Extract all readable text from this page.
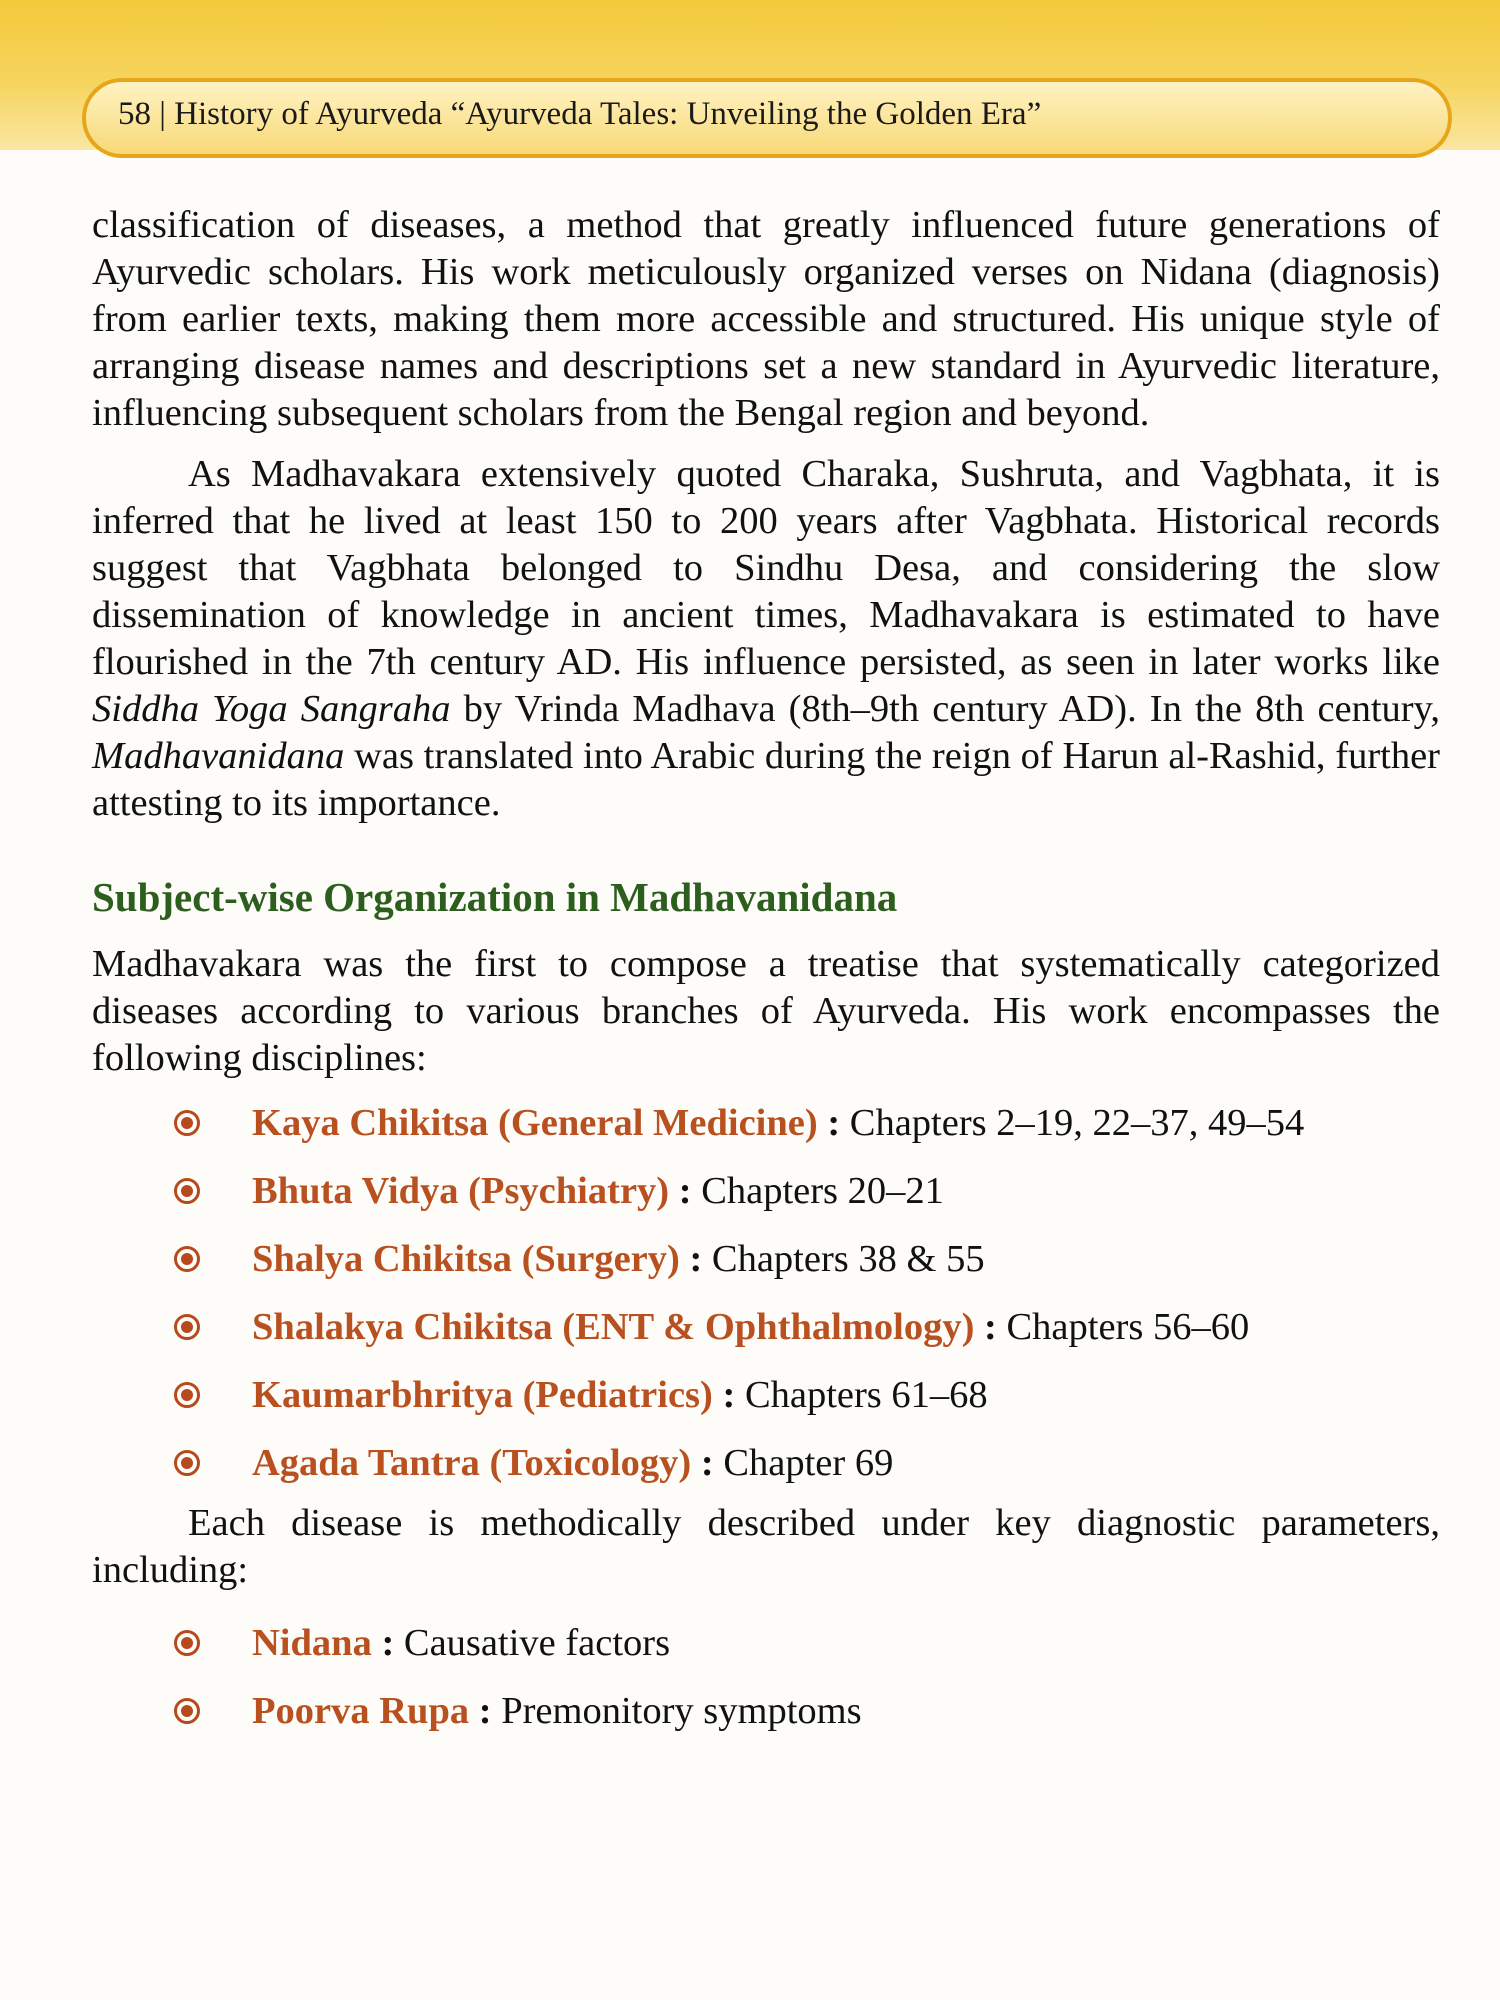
58 | History of Ayurveda “Ayurveda Tales: Unveiling the Golden Era”

classification of diseases, a method that greatly influenced future generations of Ayurvedic scholars. His work meticulously organized verses on Nidana (diagnosis) from earlier texts, making them more accessible and structured. His unique style of arranging disease names and descriptions set a new standard in Ayurvedic literature, influencing subsequent scholars from the Bengal region and beyond.

As Madhavakara extensively quoted Charaka, Sushruta, and Vagbhata, it is inferred that he lived at least 150 to 200 years after Vagbhata. Historical records suggest that Vagbhata belonged to Sindhu Desa, and considering the slow dissemination of knowledge in ancient times, Madhavakara is estimated to have flourished in the 7th century AD. His influence persisted, as seen in later works like Siddha Yoga Sangraha by Vrinda Madhava (8th–9th century AD). In the 8th century, Madhavanidana was translated into Arabic during the reign of Harun al-Rashid, further attesting to its importance.

Subject-wise Organization in Madhavanidana

Madhavakara was the first to compose a treatise that systematically categorized diseases according to various branches of Ayurveda. His work encompasses the following disciplines:

Kaya Chikitsa (General Medicine) : Chapters 2–19, 22–37, 49–54
Bhuta Vidya (Psychiatry) : Chapters 20–21
Shalya Chikitsa (Surgery) : Chapters 38 & 55
Shalakya Chikitsa (ENT & Ophthalmology) : Chapters 56–60
Kaumarbhritya (Pediatrics) : Chapters 61–68
Agada Tantra (Toxicology) : Chapter 69

Each disease is methodically described under key diagnostic parameters, including:

Nidana : Causative factors
Poorva Rupa : Premonitory symptoms
